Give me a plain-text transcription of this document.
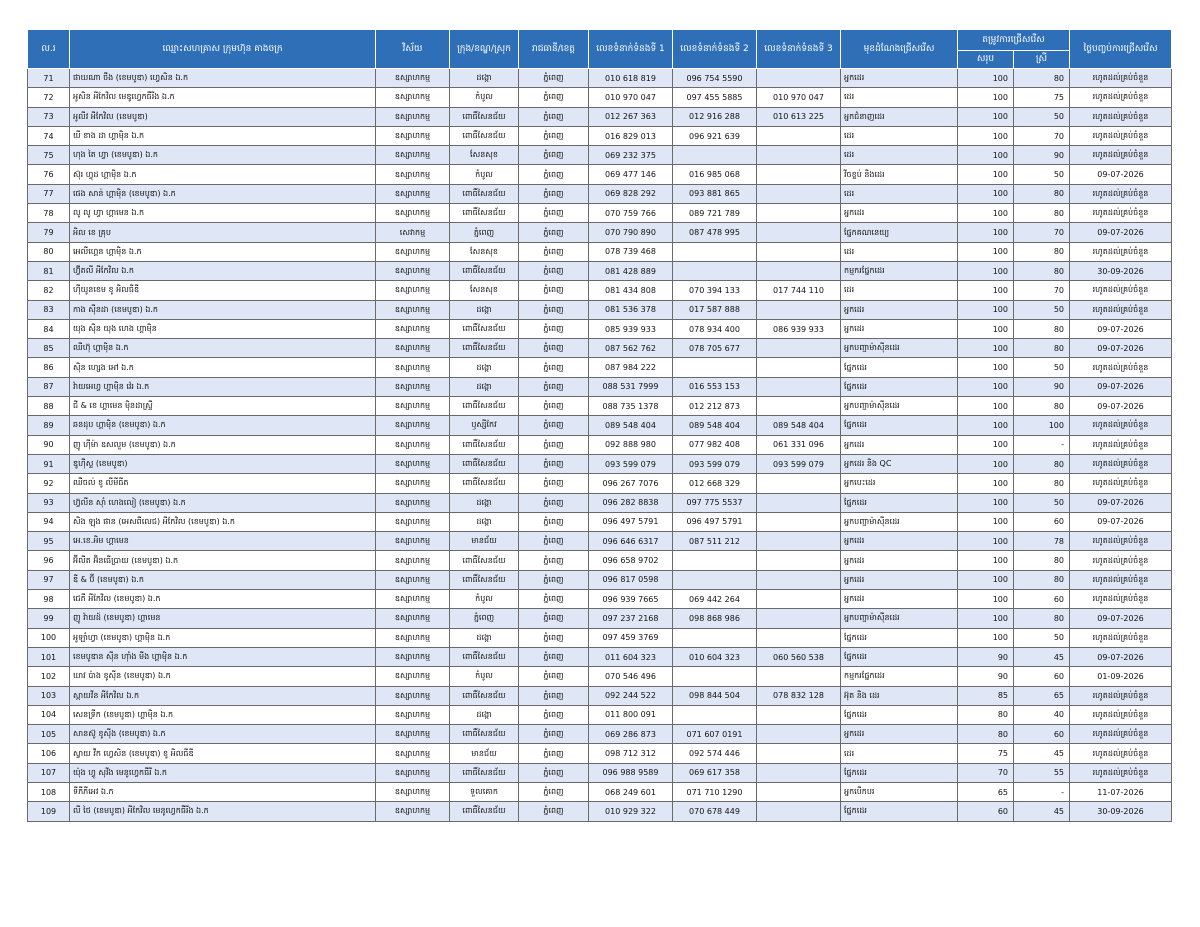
ល.រ	ឈ្មោះសហគ្រាស ក្រុមហ៊ុន គាងចក្រ	វិស័យ	ក្រុង/ខណ្ឌ/ស្រុក	រាជធានី/ខេត្ត	លេខទំនាក់ទំនងទី 1	លេខទំនាក់ទំនងទី 2	លេខទំនាក់ទំនងទី 3	មុខដំណែងជ្រើសរើស	តម្រូវការជ្រើសរើស		ថ្ងៃបញ្ចប់ការជ្រើសរើស
									សរុប	ស្រី	
71	ផាឃណា ចឹង (ខេមបូឌា) ហ្វេសិន ឯ.ក	ឧស្សាហកម្ម	ដង្កោ	ភ្នំពេញ	010 618 819	096 754 5590		អ្នកដេរ	100	80	រហូតដល់គ្រប់ចំនួន
72	អូសិន អីកែវិល មេឌូហ្វេកធឺរីង ឯ.ក	ឧស្សាហកម្ម	កំបូល	ភ្នំពេញ	010 970 047	097 455 5885	010 970 047	ដេរ	100	75	រហូតដល់គ្រប់ចំនួន
73	អូលីវ អីកែវិល (ខេមបូឌា)	ឧស្សាហកម្ម	ពោធិ៍សែនជ័យ	ភ្នំពេញ	012 267 363	012 916 288	010 613 225	អ្នកជំនាញដេរ	100	50	រហូតដល់គ្រប់ចំនួន
74	យី ខាង ដា ហ្គាម៉ិន ឯ.ក	ឧស្សាហកម្ម	ពោធិ៍សែនជ័យ	ភ្នំពេញ	016 829 013	096 921 639		ដេរ	100	70	រហូតដល់គ្រប់ចំនួន
75	ហុង តៃ ហ្វា (ខេមបូឌា) ឯ.ក	ឧស្សាហកម្ម	សែនសុខ	ភ្នំពេញ	069 232 375			ដេរ	100	90	រហូតដល់គ្រប់ចំនួន
76	ស៊ុរ ហ្វុដ ហ្គាម៉ិន ឯ.ក	ឧស្សាហកម្ម	កំបូល	ភ្នំពេញ	069 477 146	016 985 068		វីចខ្ចប់ និងដេរ	100	50	09-07-2026
77	ផេង សាន់ ហ្គាម៉ិន (ខេមបូឌា) ឯ.ក	ឧស្សាហកម្ម	ពោធិ៍សែនជ័យ	ភ្នំពេញ	069 828 292	093 881 865		ដេរ	100	80	រហូតដល់គ្រប់ចំនួន
78	លូ លូ ហ្វា ហ្គាមេន ឯ.ក	ឧស្សាហកម្ម	ពោធិ៍សែនជ័យ	ភ្នំពេញ	070 759 766	089 721 789		អ្នកដេរ	100	80	រហូតដល់គ្រប់ចំនួន
79	អិល ខេ គ្រុប	សេវាកម្ម	ភ្នំពេញ	ភ្នំពេញ	070 790 890	087 478 995		ផ្នែកគណនេយ្យ	100	70	09-07-2026
80	អេលីហ្គេន ហ្គាម៉ិន ឯ.ក	ឧស្សាហកម្ម	សែនសុខ	ភ្នំពេញ	078 739 468			ដេរ	100	80	រហូតដល់គ្រប់ចំនួន
81	ហ៊្វីតលី អីកែវិល ឯ.ក	ឧស្សាហកម្ម	ពោធិ៍សែនជ័យ	ភ្នំពេញ	081 428 889			កម្មករផ្នែកដេរ	100	80	30-09-2026
82	ហ៊ីយូនខេម ខូ អិលធីឌី	ឧស្សាហកម្ម	សែនសុខ	ភ្នំពេញ	081 434 808	070 394 133	017 744 110	ដេរ	100	70	រហូតដល់គ្រប់ចំនួន
83	កាង ស៊ីនដា (ខេមបូឌា) ឯ.ក	ឧស្សាហកម្ម	ដង្កោ	ភ្នំពេញ	081 536 378	017 587 888		អ្នកដេរ	100	50	រហូតដល់គ្រប់ចំនួន
84	យុង ស៊ិន យុង ហេង ហ្គាម៉ិន	ឧស្សាហកម្ម	ពោធិ៍សែនជ័យ	ភ្នំពេញ	085 939 933	078 934 400	086 939 933	អ្នកដេរ	100	80	09-07-2026
85	ឈីហ៊ុ ហ្គាម៉ិន ឯ.ក	ឧស្សាហកម្ម	ពោធិ៍សែនជ័យ	ភ្នំពេញ	087 562 762	078 705 677		អ្នកបញ្ជាម៉ាស៊ីនដេរ	100	80	09-07-2026
86	ស៊ិន ហ្សេង អៅ ឯ.ក	ឧស្សាហកម្ម	ដង្កោ	ភ្នំពេញ	087 984 222			ផ្នែកដេរ	100	50	រហូតដល់គ្រប់ចំនួន
87	វ៉ាយអេហ្វ ហ្គាម៉ិន វ៉េរ ឯ.ក	ឧស្សាហកម្ម	ដង្កោ	ភ្នំពេញ	088 531 7999	016 553 153		ផ្នែកដេរ	100	90	09-07-2026
88	ជី & ខេ ហ្គាមេន ម៉ិនដាស្ទ្រី	ឧស្សាហកម្ម	ពោធិ៍សែនជ័យ	ភ្នំពេញ	088 735 1378	012 212 873		អ្នកបញ្ជាម៉ាស៊ីនដេរ	100	80	09-07-2026
89	ឆនដុប ហ្គាម៉ិន (ខេមបូឌា) ឯ.ក	ឧស្សាហកម្ម	ឫស្សីកែវ	ភ្នំពេញ	089 548 404	089 548 404	089 548 404	ផ្នែកដេរ	100	100	រហូតដល់គ្រប់ចំនួន
90	ញូ ហ៊ីម៉ា ឧសលួម (ខេមបូឌា) ឯ.ក	ឧស្សាហកម្ម	ពោធិ៍សែនជ័យ	ភ្នំពេញ	092 888 980	077 982 408	061 331 096	អ្នកដេរ	100	-	រហូតដល់គ្រប់ចំនួន
91	ឌូហ៊ីស្ទ (ខេមបូឌា)	ឧស្សាហកម្ម	ពោធិ៍សែនជ័យ	ភ្នំពេញ	093 599 079	093 599 079	093 599 079	អ្នកដេរ និង QC	100	80	រហូតដល់គ្រប់ចំនួន
92	ឈឺចល់ ខូ លីមីធីត	ឧស្សាហកម្ម	ពោធិ៍សែនជ័យ	ភ្នំពេញ	096 267 7076	012 668 329		អ្នកបេះដេរ	100	80	រហូតដល់គ្រប់ចំនួន
93	ហ៊្វលីន ស៊ាំ ហេងលៀ (ខេមបូឌា) ឯ.ក	ឧស្សាហកម្ម	ដង្កោ	ភ្នំពេញ	096 282 8838	097 775 5537		ផ្នែកដេរ	100	50	09-07-2026
94	សិង ឡុង ផាន (អេសពីលេជ) អីកែវិល (ខេមបូឌា) ឯ.ក	ឧស្សាហកម្ម	ដង្កោ	ភ្នំពេញ	096 497 5791	096 497 5791		អ្នកបញ្ជាម៉ាស៊ីនដេរ	100	60	09-07-2026
95	អេ.ខេ.អិម ហ្គាមេន	ឧស្សាហកម្ម	មានជ័យ	ភ្នំពេញ	096 646 6317	087 511 212		អ្នកដេរ	100	78	រហូតដល់គ្រប់ចំនួន
96	អ៊ីលីត អ៊ិនធើប្រាយ (ខេមបូឌា) ឯ.ក	ឧស្សាហកម្ម	ពោធិ៍សែនជ័យ	ភ្នំពេញ	096 658 9702			អ្នកដេរ	100	80	រហូតដល់គ្រប់ចំនួន
97	ឌី & ប៊ី (ខេមបូឌា) ឯ.ក	ឧស្សាហកម្ម	ពោធិ៍សែនជ័យ	ភ្នំពេញ	096 817 0598			អ្នកដេរ	100	80	រហូតដល់គ្រប់ចំនួន
98	ជេភី អីកែវិល (ខេមបូឌា) ឯ.ក	ឧស្សាហកម្ម	កំបូល	ភ្នំពេញ	096 939 7665	069 442 264		អ្នកដេរ	100	60	រហូតដល់គ្រប់ចំនួន
99	ញូ វ៉ាយដ៍ (ខេមបូឌា) ហ្គាមេន	ឧស្សាហកម្ម	ភ្នំពេញ	ភ្នំពេញ	097 237 2168	098 868 986		អ្នកបញ្ជាម៉ាស៊ីនដេរ	100	80	09-07-2026
100	អូឡាំហ្វា (ខេមបូឌា) ហ្គាម៉ិន ឯ.ក	ឧស្សាហកម្ម	ដង្កោ	ភ្នំពេញ	097 459 3769			ផ្នែកដេរ	100	50	រហូតដល់គ្រប់ចំនួន
101	ខេមបូឌាន ស៊ីន ហ៊ាំង មីង ហ្គាម៉ិន ឯ.ក	ឧស្សាហកម្ម	ពោធិ៍សែនជ័យ	ភ្នំពេញ	011 604 323	010 604 323	060 560 538	ផ្នែកដេរ	90	45	09-07-2026
102	ឃាវ ប៉ាង ខូស៊ីន (ខេមបូឌា) ឯ.ក	ឧស្សាហកម្ម	កំបូល	ភ្នំពេញ	070 546 496			កម្មករផ្នែកដេរ	90	60	01-09-2026
103	ស្កាយវីន អីកែវិល ឯ.ក	ឧស្សាហកម្ម	ពោធិ៍សែនជ័យ	ភ្នំពេញ	092 244 522	098 844 504	078 832 128	អ៊ុត និង ដេរ	85	65	រហូតដល់គ្រប់ចំនួន
104	សេនទ្រីក (ខេមបូឌា) ហ្គាម៉ិន ឯ.ក	ឧស្សាហកម្ម	ដង្កោ	ភ្នំពេញ	011 800 091			ផ្នែកដេរ	80	40	រហូតដល់គ្រប់ចំនួន
105	សានស៊ូ ខូស៊ីង (ខេមបូឌា) ឯ.ក	ឧស្សាហកម្ម	ពោធិ៍សែនជ័យ	ភ្នំពេញ	069 286 873	071 607 0191		អ្នកដេរ	80	60	រហូតដល់គ្រប់ចំនួន
106	ស្វាយ វឹក ហ្វេសិន (ខេមបូឌា) ខូ អិលធីឌី	ឧស្សាហកម្ម	មានជ័យ	ភ្នំពេញ	098 712 312	092 574 446		ដេរ	75	45	រហូតដល់គ្រប់ចំនួន
107	យ៉ុង ហ្វូ សុវីង មេនូហ្វេកធឺរី ឯ.ក	ឧស្សាហកម្ម	ពោធិ៍សែនជ័យ	ភ្នំពេញ	096 988 9589	069 617 358		ផ្នែកដេរ	70	55	រហូតដល់គ្រប់ចំនួន
108	ទីភីភីអេវ ឯ.ក	ឧស្សាហកម្ម	ទួលគោក	ភ្នំពេញ	068 249 601	071 710 1290		អ្នកបើកបរ	65	-	11-07-2026
109	លី ថៃ (ខេមបូឌា) អីកែវិល មេនូហ្វេកធឺរីង ឯ.ក	ឧស្សាហកម្ម	ពោធិ៍សែនជ័យ	ភ្នំពេញ	010 929 322	070 678 449		ផ្នែកដេរ	60	45	30-09-2026
